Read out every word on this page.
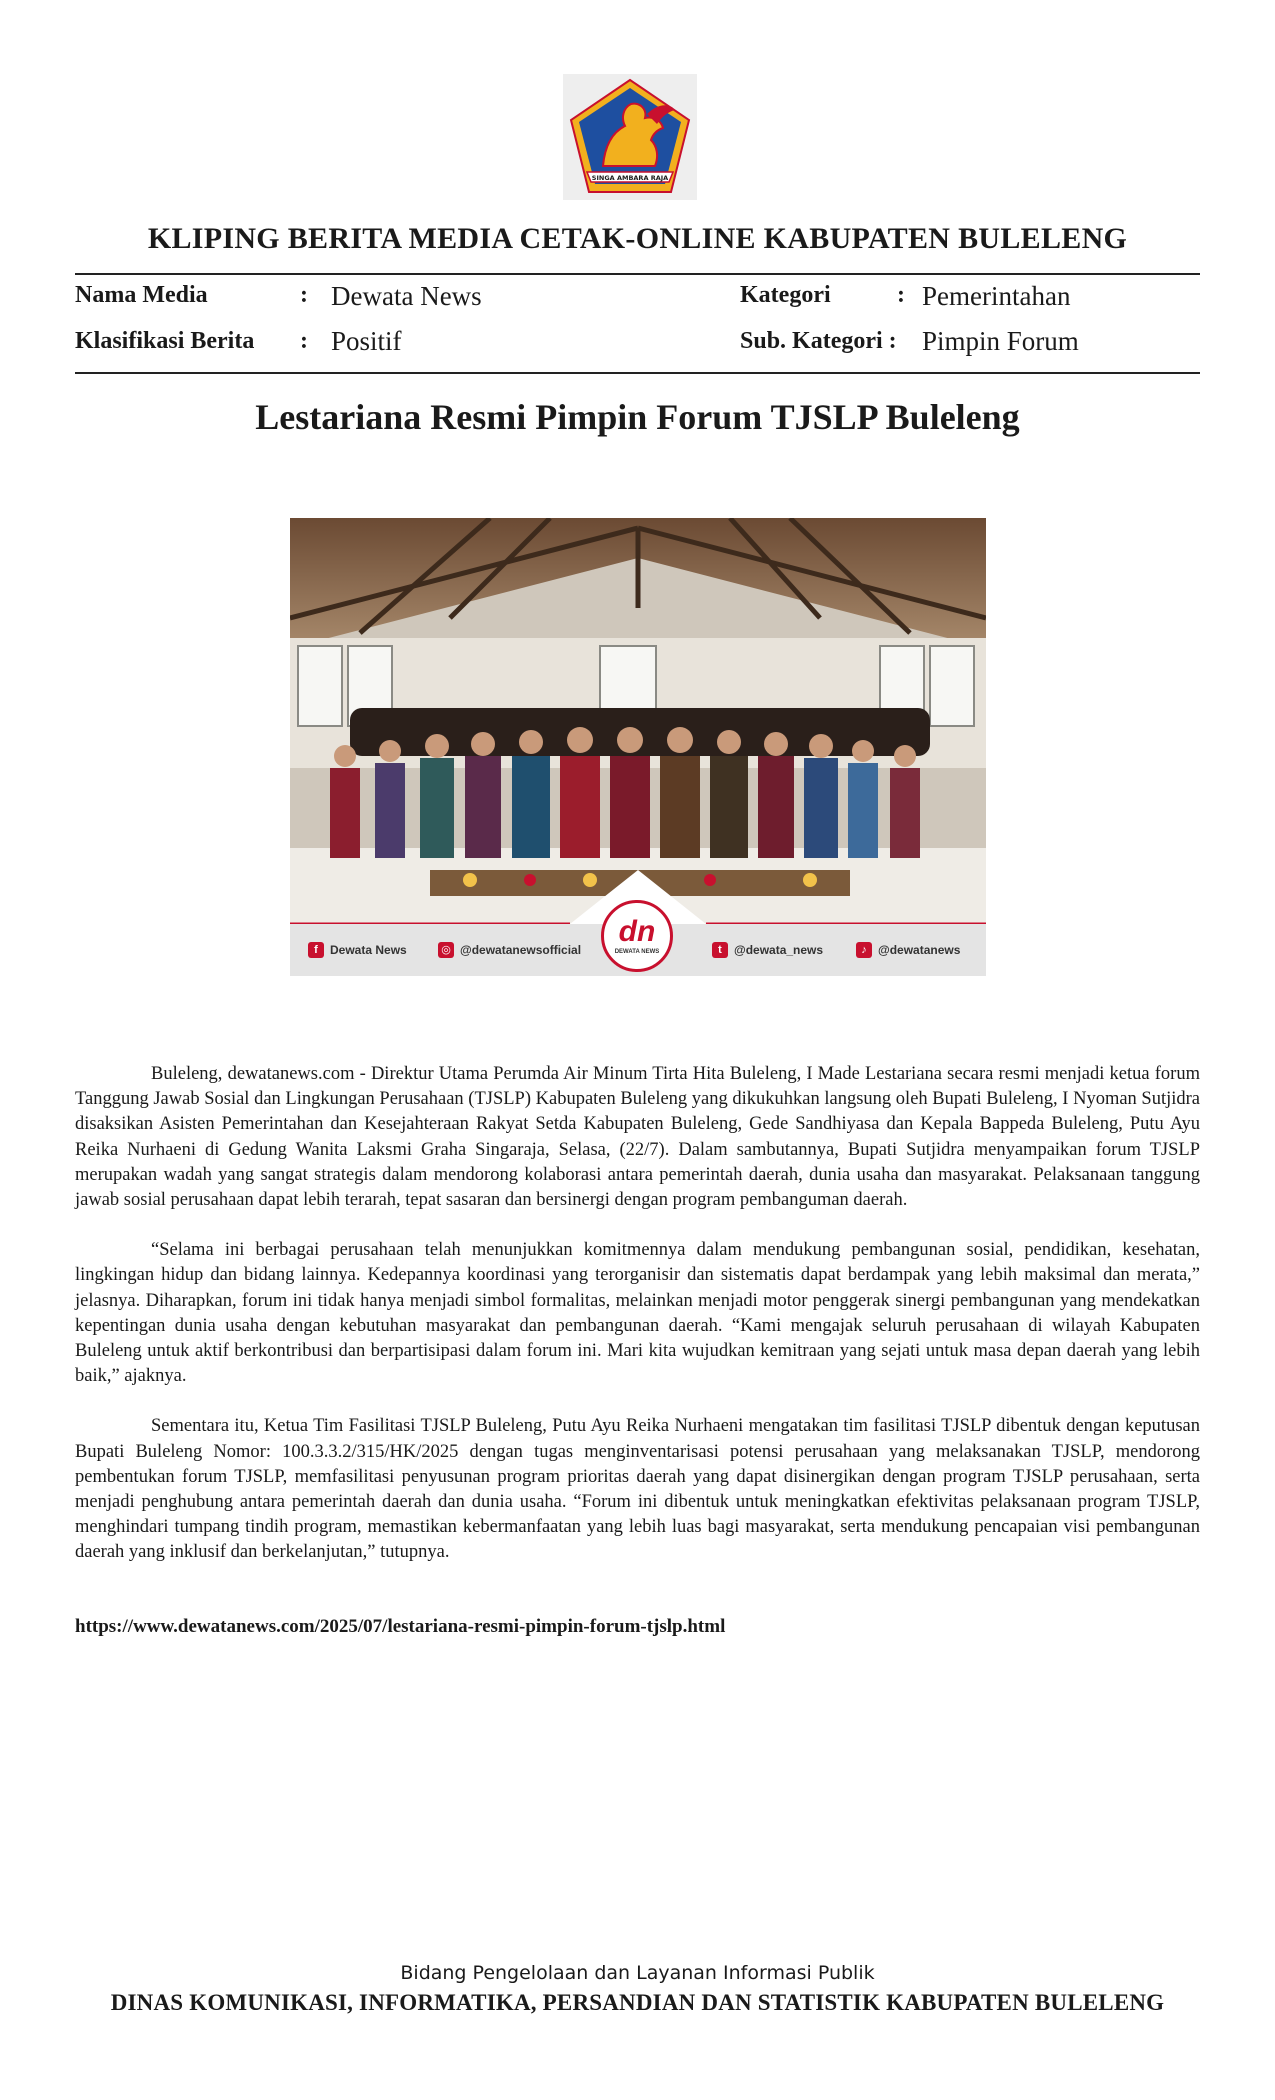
SINGA AMBARA RAJA
KLIPING BERITA MEDIA CETAK-ONLINE KABUPATEN BULELENG
Nama Media	: Dewata News	Kategori	: Pemerintahan
Klasifikasi Berita : Positif	Sub. Kategori : Pimpin Forum
Lestariana Resmi Pimpin Forum TJSLP Buleleng
f	Dewata News	◎ @dewatanewsofficial	t	@dewata_news	♪ @dewatanews
dn
DEWATA NEWS

Buleleng, dewatanews.com - Direktur Utama Perumda Air Minum Tirta Hita Buleleng, I Made Lestariana secara resmi menjadi ketua forum Tanggung Jawab Sosial dan Lingkungan Perusahaan (TJSLP) Kabupaten Buleleng yang dikukuhkan langsung oleh Bupati Buleleng, I Nyoman Sutjidra disaksikan Asisten Pemerintahan dan Kesejahteraan Rakyat Setda Kabupaten Buleleng, Gede Sandhiyasa dan Kepala Bappeda Buleleng, Putu Ayu Reika Nurhaeni di Gedung Wanita Laksmi Graha Singaraja, Selasa, (22/7). Dalam sambutannya, Bupati Sutjidra menyampaikan forum TJSLP merupakan wadah yang sangat strategis dalam mendorong kolaborasi antara pemerintah daerah, dunia usaha dan masyarakat. Pelaksanaan tanggung jawab sosial perusahaan dapat lebih terarah, tepat sasaran dan bersinergi dengan program pembanguman daerah.

“Selama ini berbagai perusahaan telah menunjukkan komitmennya dalam mendukung pembangunan sosial, pendidikan, kesehatan, lingkingan hidup dan bidang lainnya. Kedepannya koordinasi yang terorganisir dan sistematis dapat berdampak yang lebih maksimal dan merata,” jelasnya. Diharapkan, forum ini tidak hanya menjadi simbol formalitas, melainkan menjadi motor penggerak sinergi pembangunan yang mendekatkan kepentingan dunia usaha dengan kebutuhan masyarakat dan pembangunan daerah. “Kami mengajak seluruh perusahaan di wilayah Kabupaten Buleleng untuk aktif berkontribusi dan berpartisipasi dalam forum ini. Mari kita wujudkan kemitraan yang sejati untuk masa depan daerah yang lebih baik,” ajaknya.

Sementara itu, Ketua Tim Fasilitasi TJSLP Buleleng, Putu Ayu Reika Nurhaeni mengatakan tim fasilitasi TJSLP dibentuk dengan keputusan Bupati Buleleng Nomor: 100.3.3.2/315/HK/2025 dengan tugas menginventarisasi potensi perusahaan yang melaksanakan TJSLP, mendorong pembentukan forum TJSLP, memfasilitasi penyusunan program prioritas daerah yang dapat disinergikan dengan program TJSLP perusahaan, serta menjadi penghubung antara pemerintah daerah dan dunia usaha. “Forum ini dibentuk untuk meningkatkan efektivitas pelaksanaan program TJSLP, menghindari tumpang tindih program, memastikan kebermanfaatan yang lebih luas bagi masyarakat, serta mendukung pencapaian visi pembangunan daerah yang inklusif dan berkelanjutan,” tutupnya.

https://www.dewatanews.com/2025/07/lestariana-resmi-pimpin-forum-tjslp.html
Bidang Pengelolaan dan Layanan Informasi Publik
DINAS KOMUNIKASI, INFORMATIKA, PERSANDIAN DAN STATISTIK KABUPATEN BULELENG
